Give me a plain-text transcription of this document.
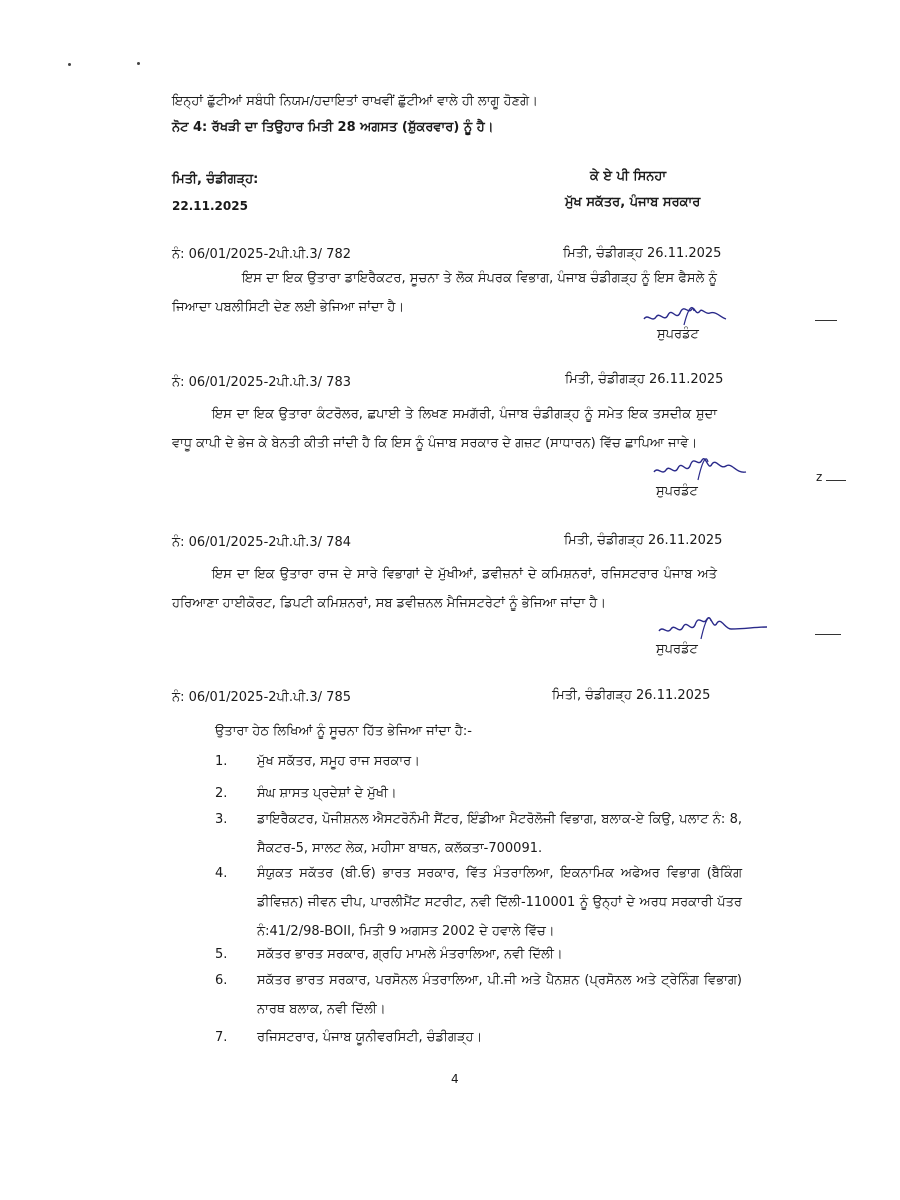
ਇਨ੍ਹਾਂ ਛੁੱਟੀਆਂ ਸਬੰਧੀ ਨਿਯਮ/ਹਦਾਇਤਾਂ ਰਾਖਵੀਂ ਛੁੱਟੀਆਂ ਵਾਲੇ ਹੀ ਲਾਗੂ ਹੋਣਗੇ।
ਨੋਟ 4: ਰੱਖੜੀ ਦਾ ਤਿਉਹਾਰ ਮਿਤੀ 28 ਅਗਸਤ (ਸ਼ੁੱਕਰਵਾਰ) ਨੂੰ ਹੈ।
ਮਿਤੀ, ਚੰਡੀਗੜ੍ਹ:
22.11.2025
ਕੇ ਏ ਪੀ ਸਿਨਹਾ
ਮੁੱਖ ਸਕੱਤਰ, ਪੰਜਾਬ ਸਰਕਾਰ
ਨੰ: 06/01/2025-2ਪੀ.ਪੀ.3/ 782	ਮਿਤੀ, ਚੰਡੀਗੜ੍ਹ 26.11.2025
ਇਸ ਦਾ ਇਕ ਉਤਾਰਾ ਡਾਇਰੈਕਟਰ, ਸੂਚਨਾ ਤੇ ਲੋਕ ਸੰਪਰਕ ਵਿਭਾਗ, ਪੰਜਾਬ ਚੰਡੀਗੜ੍ਹ ਨੂੰ ਇਸ ਫੈਸਲੇ ਨੂੰ ਜਿਆਦਾ ਪਬਲੀਸਿਟੀ ਦੇਣ ਲਈ ਭੇਜਿਆ ਜਾਂਦਾ ਹੈ।
ਸੁਪਰਡੰਟ
ਨੰ: 06/01/2025-2ਪੀ.ਪੀ.3/ 783	ਮਿਤੀ, ਚੰਡੀਗੜ੍ਹ 26.11.2025
ਇਸ ਦਾ ਇਕ ਉਤਾਰਾ ਕੰਟਰੋਲਰ, ਛਪਾਈ ਤੇ ਲਿਖਣ ਸਮਗੱਰੀ, ਪੰਜਾਬ ਚੰਡੀਗੜ੍ਹ ਨੂੰ ਸਮੇਤ ਇਕ ਤਸਦੀਕ ਸ਼ੁਦਾ ਵਾਧੂ ਕਾਪੀ ਦੇ ਭੇਜ ਕੇ ਬੇਨਤੀ ਕੀਤੀ ਜਾਂਦੀ ਹੈ ਕਿ ਇਸ ਨੂੰ ਪੰਜਾਬ ਸਰਕਾਰ ਦੇ ਗਜ਼ਟ (ਸਾਧਾਰਨ) ਵਿੱਚ ਛਾਪਿਆ ਜਾਵੇ।
ਸੁਪਰਡੰਟ
z
ਨੰ: 06/01/2025-2ਪੀ.ਪੀ.3/ 784	ਮਿਤੀ, ਚੰਡੀਗੜ੍ਹ 26.11.2025
ਇਸ ਦਾ ਇਕ ਉਤਾਰਾ ਰਾਜ ਦੇ ਸਾਰੇ ਵਿਭਾਗਾਂ ਦੇ ਮੁੱਖੀਆਂ, ਡਵੀਜ਼ਨਾਂ ਦੇ ਕਮਿਸ਼ਨਰਾਂ, ਰਜਿਸਟਰਾਰ ਪੰਜਾਬ ਅਤੇ ਹਰਿਆਣਾ ਹਾਈਕੋਰਟ, ਡਿਪਟੀ ਕਮਿਸ਼ਨਰਾਂ, ਸਬ ਡਵੀਜ਼ਨਲ ਮੈਜਿਸਟਰੇਟਾਂ ਨੂੰ ਭੇਜਿਆ ਜਾਂਦਾ ਹੈ।
ਸੁਪਰਡੰਟ
ਨੰ: 06/01/2025-2ਪੀ.ਪੀ.3/ 785	ਮਿਤੀ, ਚੰਡੀਗੜ੍ਹ 26.11.2025
ਉਤਾਰਾ ਹੇਠ ਲਿਖਿਆਂ ਨੂੰ ਸੂਚਨਾ ਹਿੱਤ ਭੇਜਿਆ ਜਾਂਦਾ ਹੈ:-
1. ਮੁੱਖ ਸਕੱਤਰ, ਸਮੂਹ ਰਾਜ ਸਰਕਾਰ।
2. ਸੰਘ ਸ਼ਾਸਤ ਪ੍ਰਦੇਸ਼ਾਂ ਦੇ ਮੁੱਖੀ।
3. ਡਾਇਰੈਕਟਰ, ਪੋਜੀਸ਼ਨਲ ਐਸਟਰੋਨੌਮੀ ਸੈਂਟਰ, ਇੰਡੀਆ ਮੈਟਰੋਲੋਜੀ ਵਿਭਾਗ, ਬਲਾਕ-ਏ ਕਿਉ, ਪਲਾਟ ਨੰ: 8, ਸੈਕਟਰ-5, ਸਾਲਟ ਲੇਕ, ਮਹੀਸਾ ਬਾਥਨ, ਕਲੱਕਤਾ-700091.
4. ਸੰਯੁਕਤ ਸਕੱਤਰ (ਬੀ.ਓ) ਭਾਰਤ ਸਰਕਾਰ, ਵਿੱਤ ਮੰਤਰਾਲਿਆ, ਇਕਨਾਮਿਕ ਅਫੇਅਰ ਵਿਭਾਗ (ਬੈਕਿੰਗ ਡੀਵਿਜ਼ਨ) ਜੀਵਨ ਦੀਪ, ਪਾਰਲੀਮੈਂਟ ਸਟਰੀਟ, ਨਵੀ ਦਿੱਲੀ-110001 ਨੂੰ ਉਨ੍ਹਾਂ ਦੇ ਅਰਧ ਸਰਕਾਰੀ ਪੱਤਰ ਨੰ:41/2/98-BOII, ਮਿਤੀ 9 ਅਗਸਤ 2002 ਦੇ ਹਵਾਲੇ ਵਿੱਚ।
5. ਸਕੱਤਰ ਭਾਰਤ ਸਰਕਾਰ, ਗ੍ਰਹਿ ਮਾਮਲੇ ਮੰਤਰਾਲਿਆ, ਨਵੀ ਦਿੱਲੀ।
6. ਸਕੱਤਰ ਭਾਰਤ ਸਰਕਾਰ, ਪਰਸੋਨਲ ਮੰਤਰਾਲਿਆ, ਪੀ.ਜੀ ਅਤੇ ਪੈਨਸ਼ਨ (ਪ੍ਰਸੋਨਲ ਅਤੇ ਟ੍ਰੇਨਿੰਗ ਵਿਭਾਗ) ਨਾਰਥ ਬਲਾਕ, ਨਵੀ ਦਿੱਲੀ।
7. ਰਜਿਸਟਰਾਰ, ਪੰਜਾਬ ਯੂਨੀਵਰਸਿਟੀ, ਚੰਡੀਗੜ੍ਹ।
4
